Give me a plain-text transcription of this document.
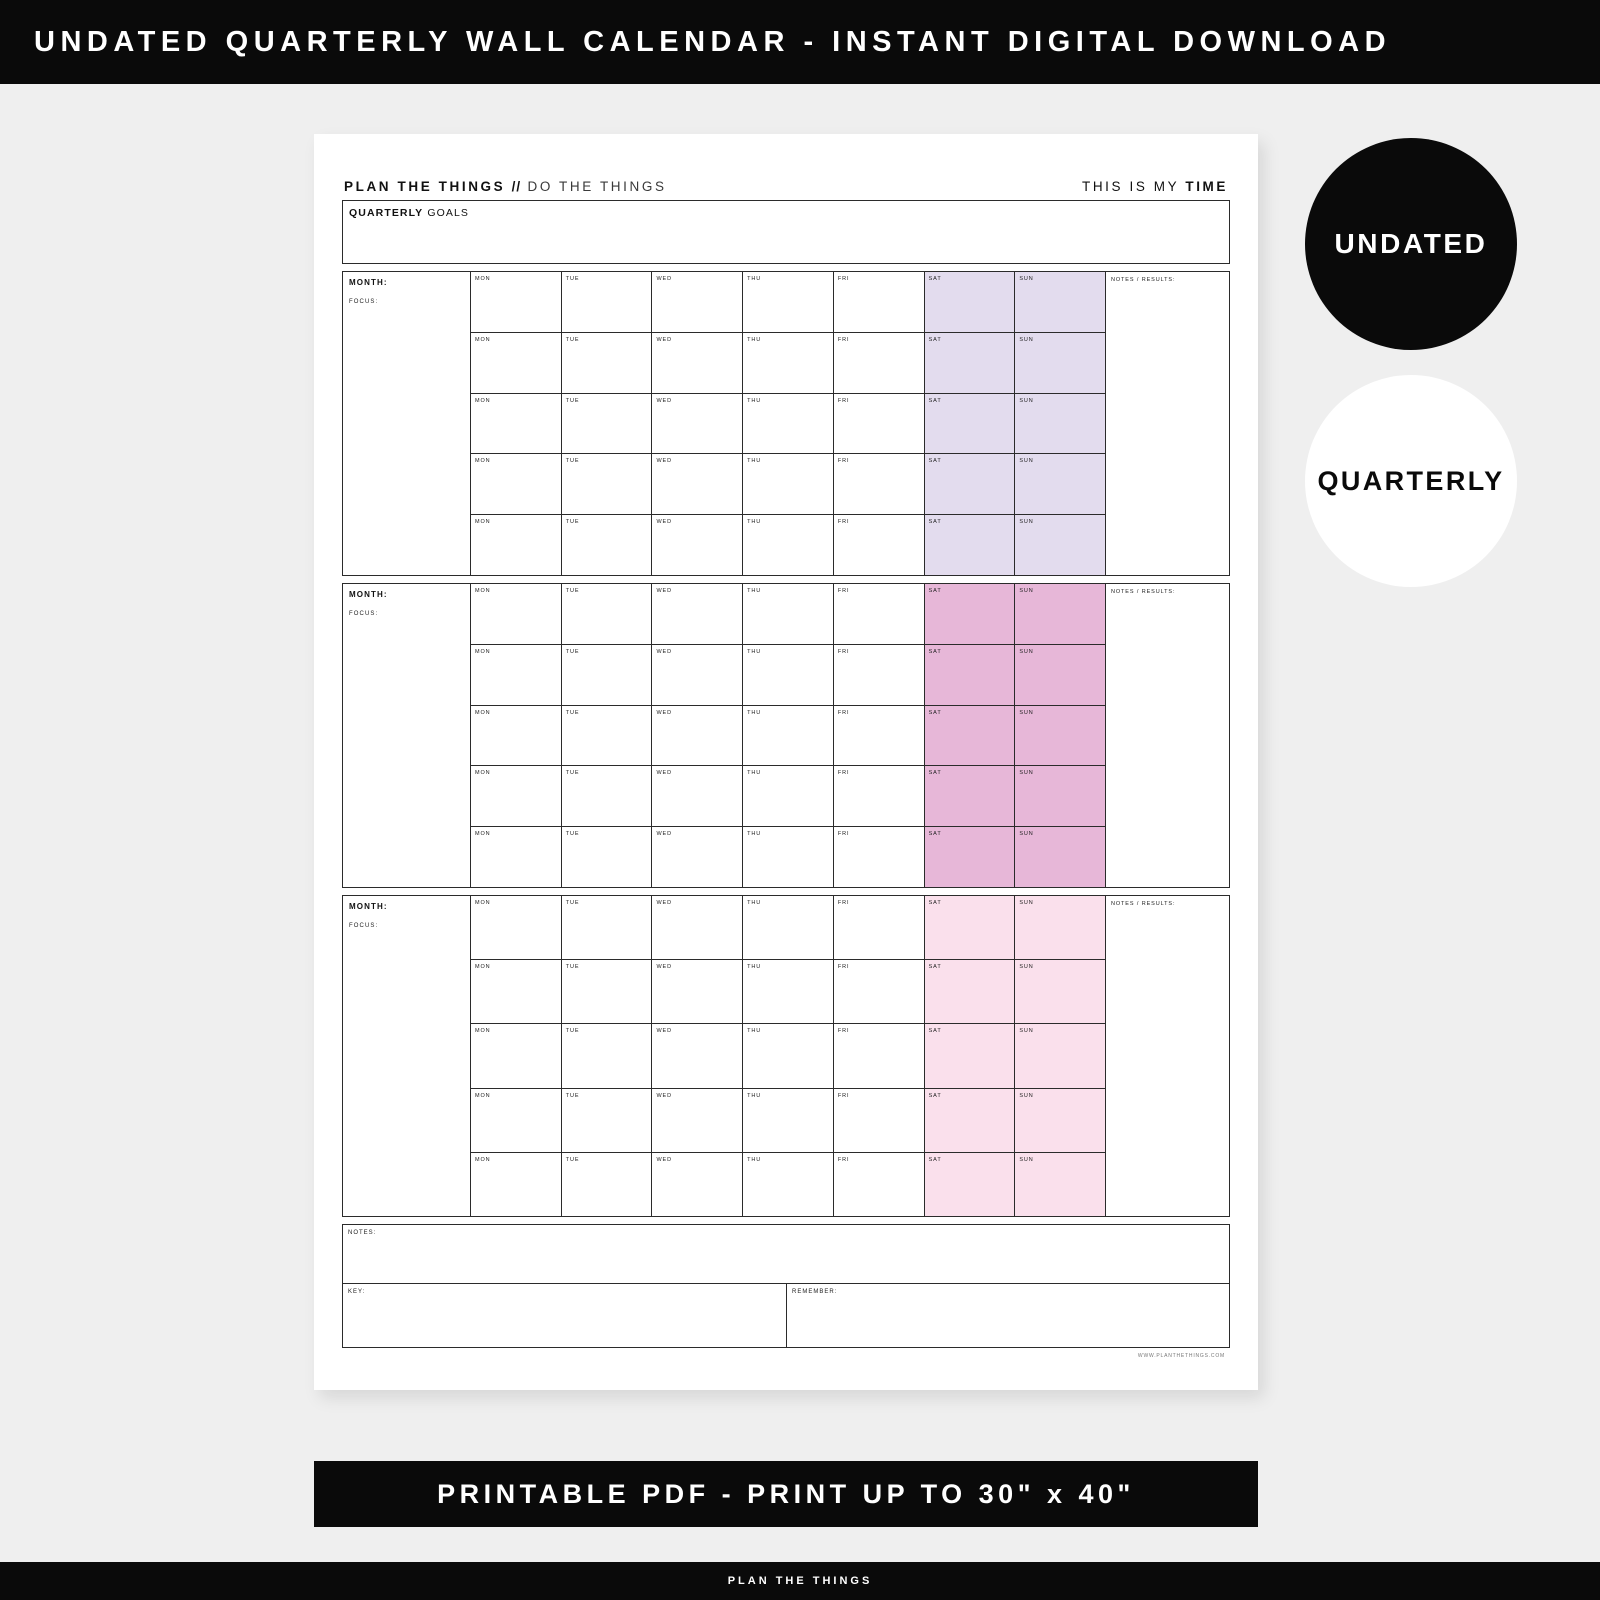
UNDATED QUARTERLY WALL CALENDAR - INSTANT DIGITAL DOWNLOAD
UNDATED
QUARTERLY
PLAN THE THINGS // DO THE THINGS	THIS IS MY TIME
QUARTERLY GOALS
MONTH:
FOCUS:
MON	TUE	WED	THU	FRI	SAT	SUN
MON	TUE	WED	THU	FRI	SAT	SUN
MON	TUE	WED	THU	FRI	SAT	SUN
MON	TUE	WED	THU	FRI	SAT	SUN
MON	TUE	WED	THU	FRI	SAT	SUN
NOTES / RESULTS:
MONTH:
FOCUS:
MON	TUE	WED	THU	FRI	SAT	SUN
MON	TUE	WED	THU	FRI	SAT	SUN
MON	TUE	WED	THU	FRI	SAT	SUN
MON	TUE	WED	THU	FRI	SAT	SUN
MON	TUE	WED	THU	FRI	SAT	SUN
NOTES / RESULTS:
MONTH:
FOCUS:
MON	TUE	WED	THU	FRI	SAT	SUN
MON	TUE	WED	THU	FRI	SAT	SUN
MON	TUE	WED	THU	FRI	SAT	SUN
MON	TUE	WED	THU	FRI	SAT	SUN
MON	TUE	WED	THU	FRI	SAT	SUN
NOTES / RESULTS:
NOTES:
KEY:	REMEMBER:
WWW.PLANTHETHINGS.COM
PRINTABLE PDF - PRINT UP TO 30" x 40"
PLAN THE THINGS
